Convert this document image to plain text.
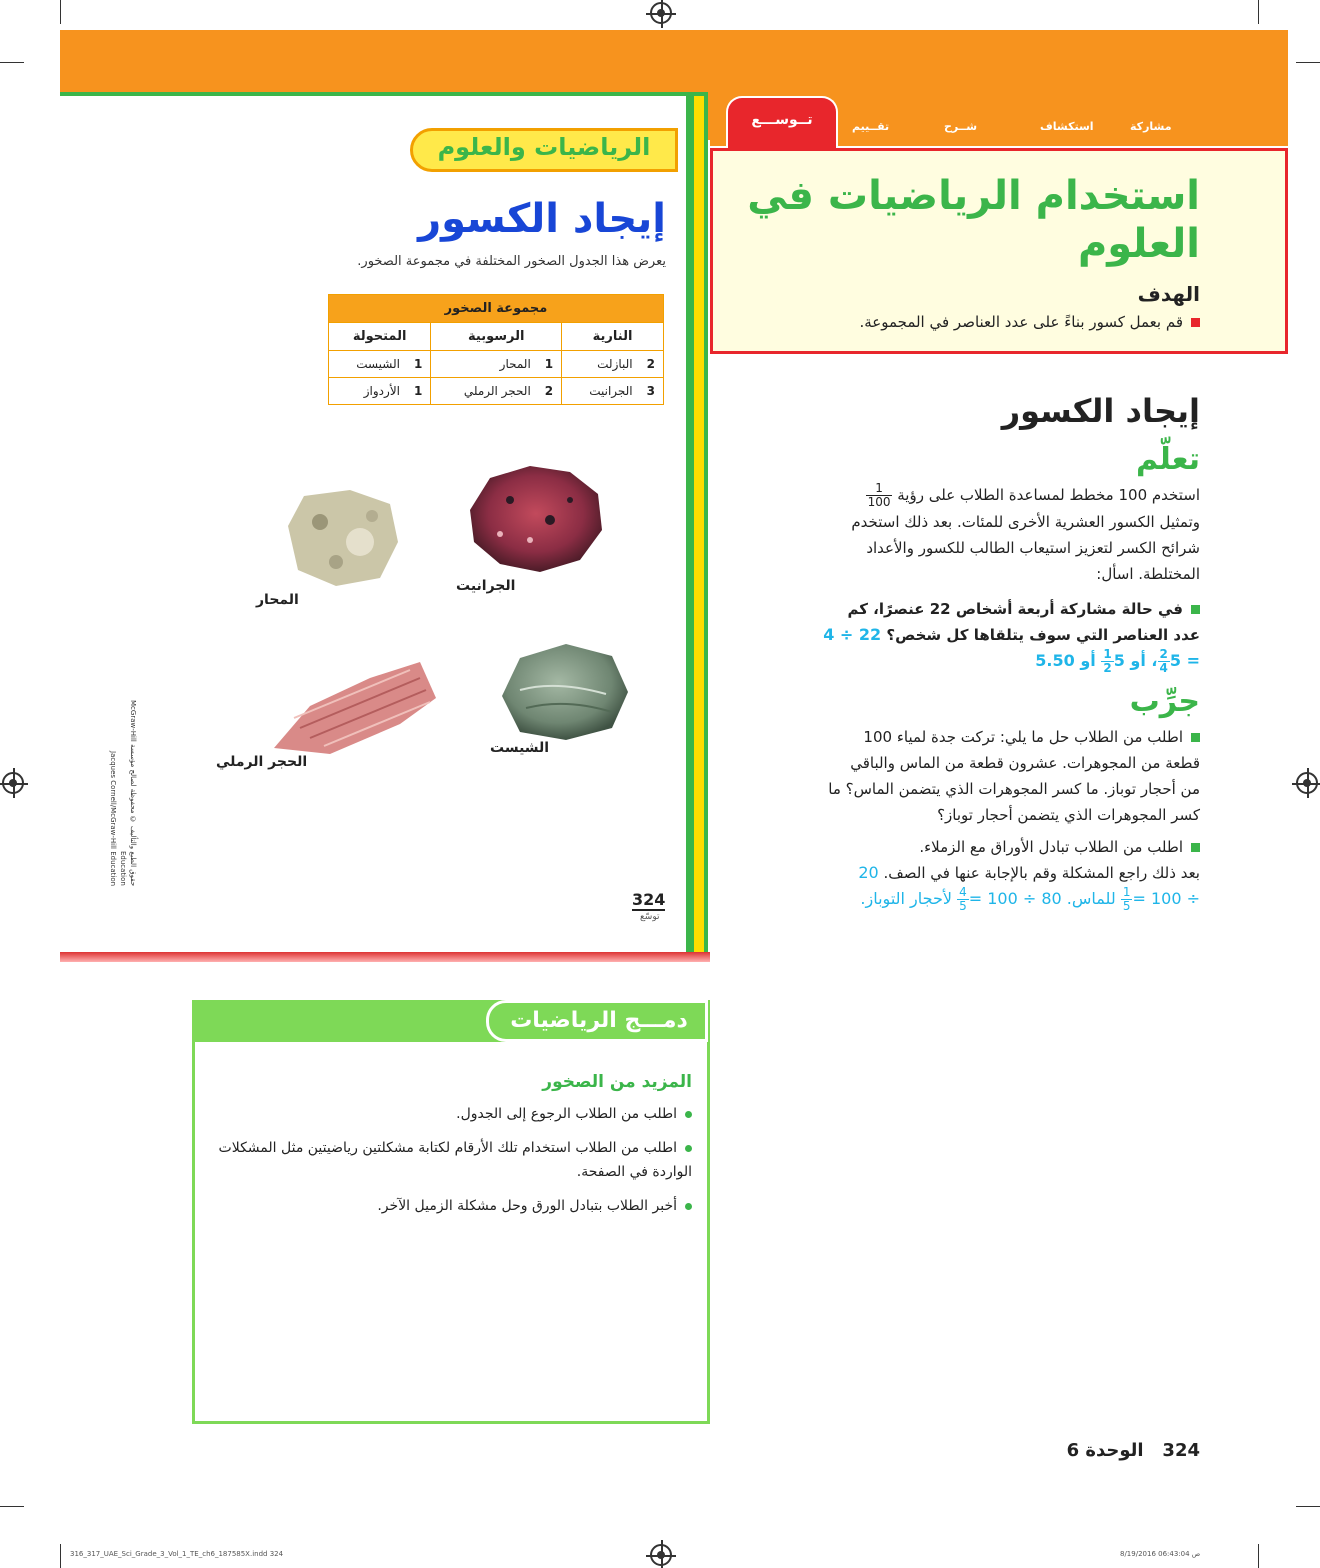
الرياضيات والعلوم
إيجاد الكسور
يعرض هذا الجدول الصخور المختلفة في مجموعة الصخور.
مجموعة الصخور		
النارية	الرسوبية	المتحولة
2البازلت	1المحار	1الشيست
3الجرانيت	2الحجر الرملي	1الأردواز
الجرانيت
المحار
الشيست
الحجر الرملي
حقوق الطبع والتأليف © محفوظة لصالح مؤسسة McGraw-Hill Education
Jacques Cornell/McGraw-Hill Education
324
توسّع
مشاركة
استكشاف
شــرح
تقــييم
تــوســـع
استخدام الرياضيات في
العلوم
الهدف
قم بعمل كسور بناءً على عدد العناصر في المجموعة.
إيجاد الكسور
تعلّم
استخدم 100 مخطط لمساعدة الطلاب على رؤية
$\frac{1}{100}$

وتمثيل الكسور العشرية الأخرى للمئات. بعد ذلك استخدم
شرائح الكسر لتعزيز استيعاب الطالب للكسور والأعداد
المختلطة. اسأل:
في حالة مشاركة أربعة أشخاص 22 عنصرًا، كم
عدد العناصر التي سوف يتلقاها كل شخص؟ 22 ÷ 4
= 5
$\frac{2}{4}$
، أو 5
$\frac{1}{2}$
أو 5.50
جرِّب
اطلب من الطلاب حل ما يلي: تركت جدة لمياء 100
قطعة من المجوهرات. عشرون قطعة من الماس والباقي
من أحجار توباز. ما كسر المجوهرات الذي يتضمن الماس؟ ما
كسر المجوهرات الذي يتضمن أحجار توباز؟
اطلب من الطلاب تبادل الأوراق مع الزملاء.
بعد ذلك راجع المشكلة وقم بالإجابة عنها في الصف. 20
÷ 100 =
$\frac{1}{5}$
للماس. 80 ÷ 100 =
$\frac{4}{5}$
لأحجار التوباز.
دمـــج الرياضيات
المزيد من الصخور
اطلب من الطلاب الرجوع إلى الجدول.
اطلب من الطلاب استخدام تلك الأرقام لكتابة مشكلتين رياضيتين مثل المشكلات الواردة في الصفحة.
أخبر الطلاب بتبادل الورق وحل مشكلة الزميل الآخر.
324   الوحدة 6
316_317_UAE_Sci_Grade_3_Vol_1_TE_ch6_187585X.indd 324	8/19/2016 06:43:04 ص
